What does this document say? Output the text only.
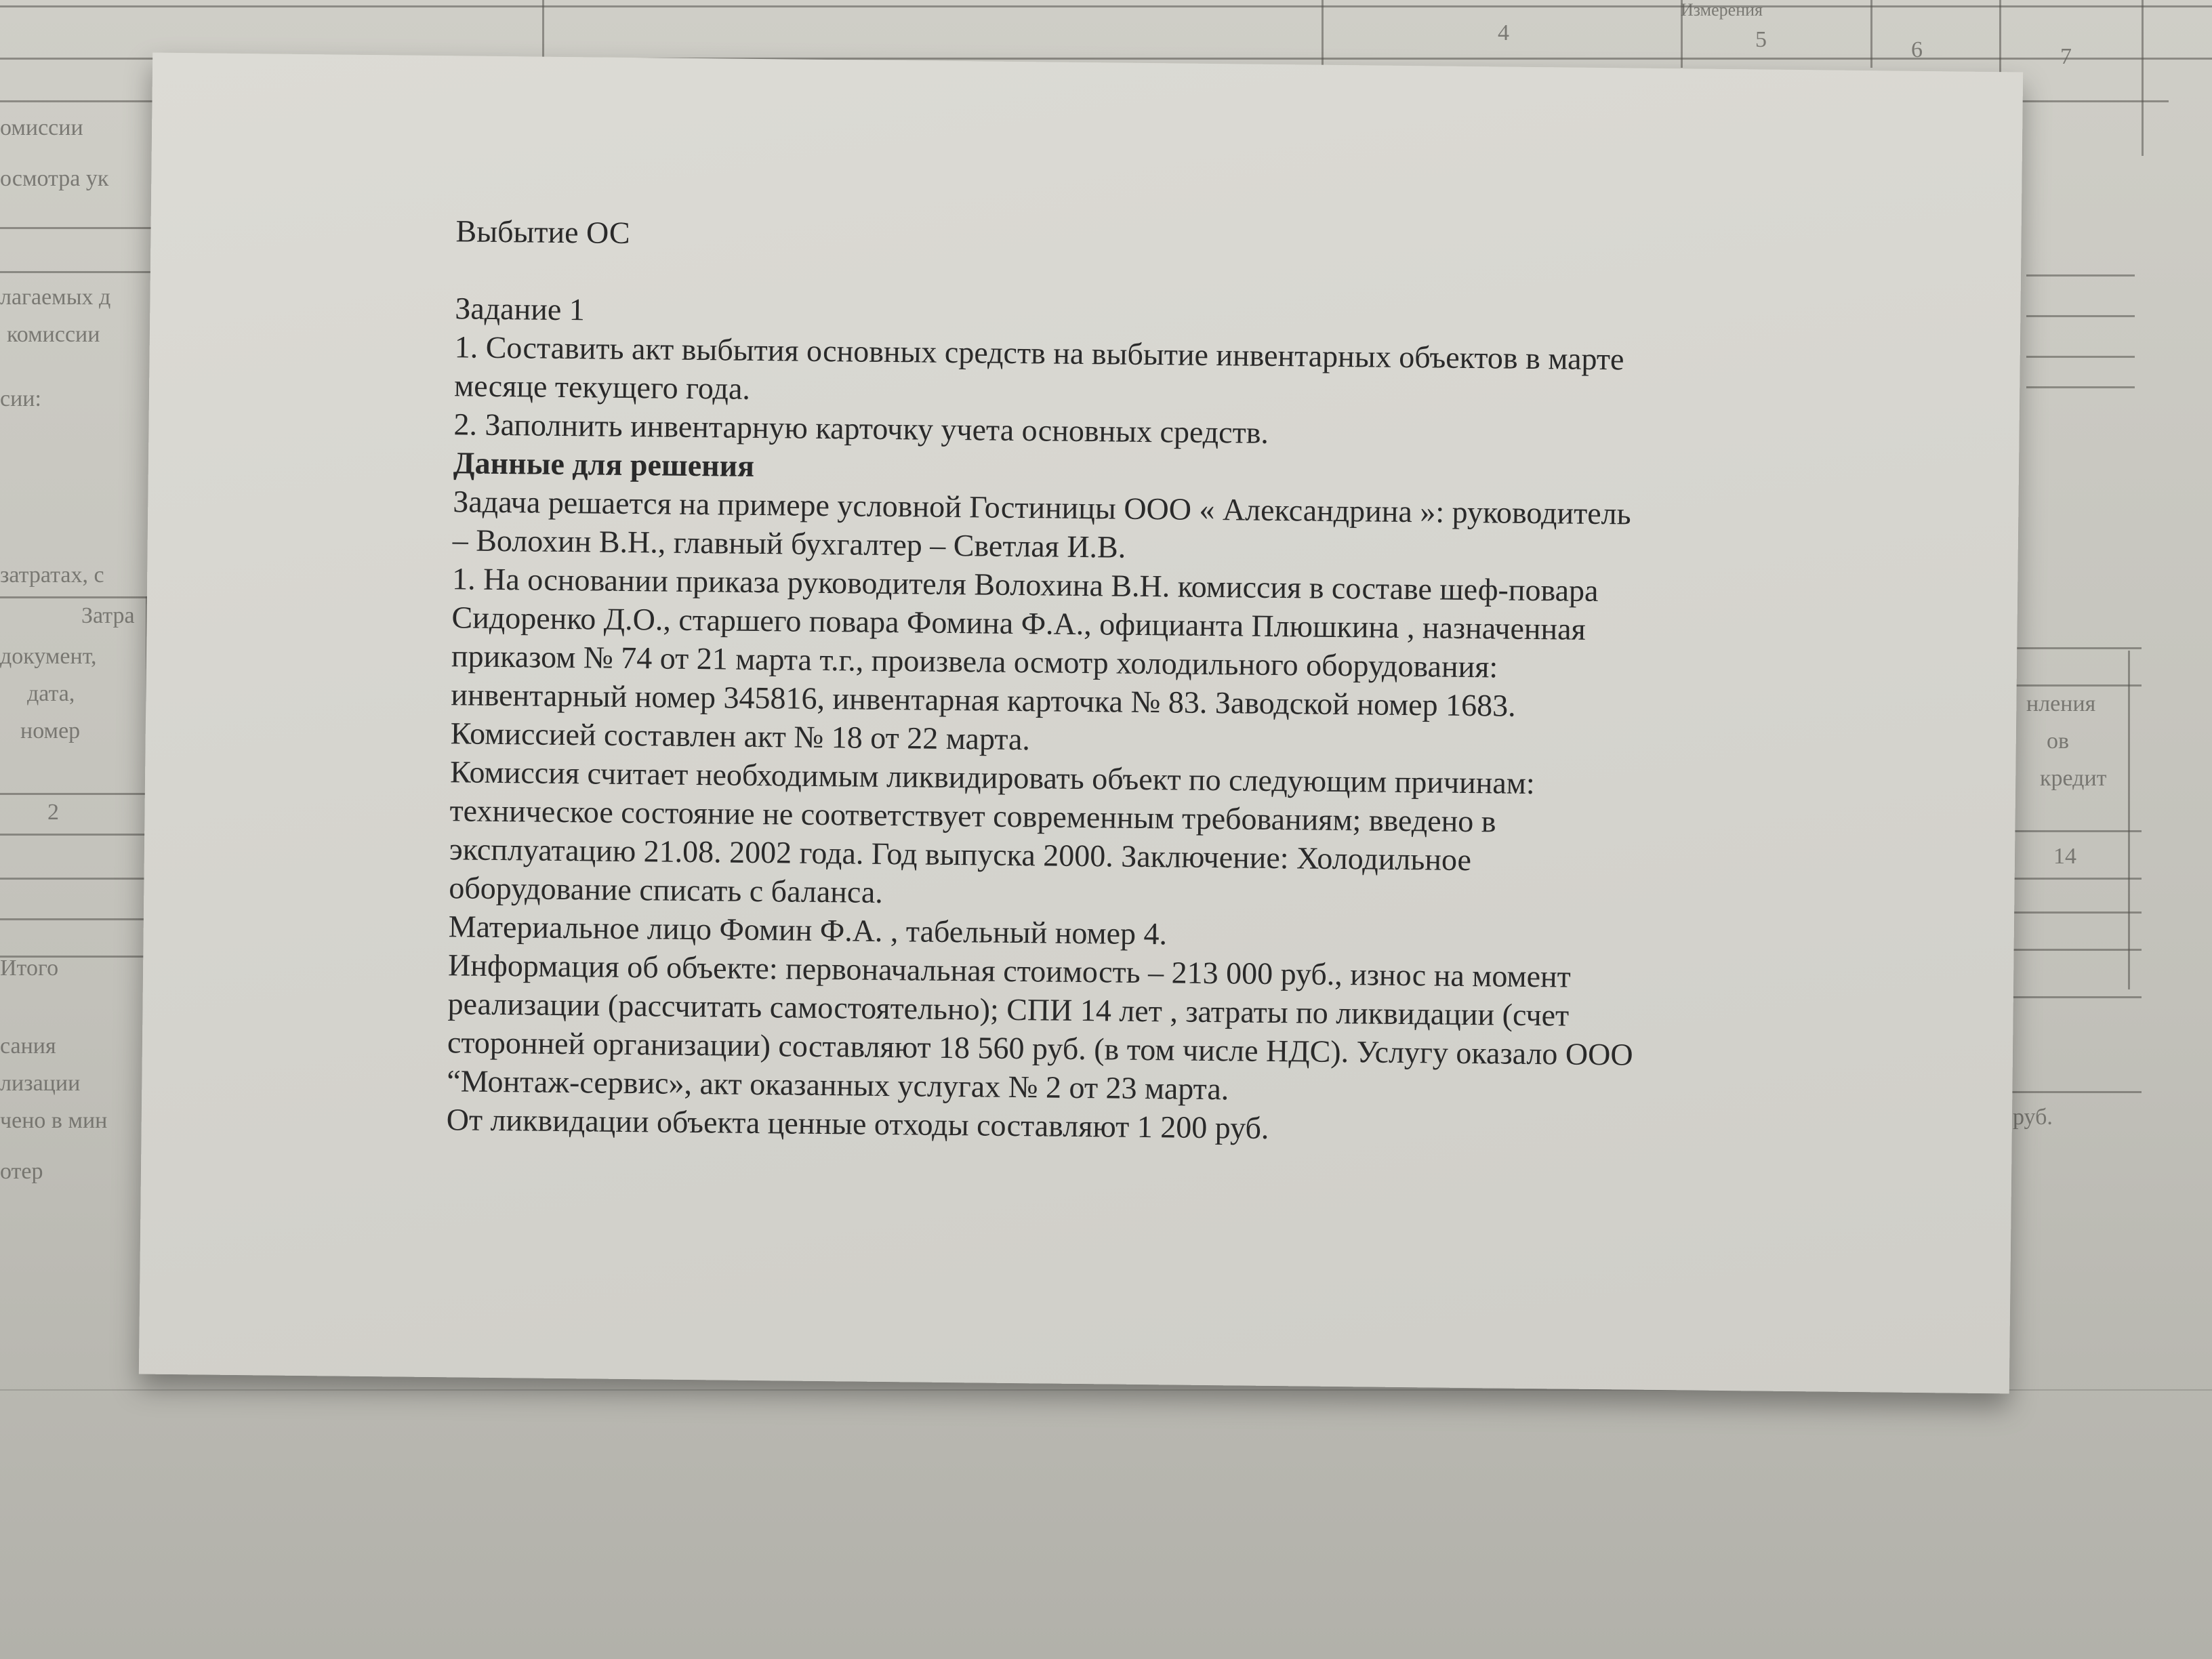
Измерения
4	5	6	7
омиссии
осмотра ук
лагаемых д
комиссии
сии:
затратах, с
Затра
документ,
дата,
номер
2
Итого
сания
лизации
чено в мин
отер
нления
ов
кредит
14
руб.

Выбытие ОС

Задание 1

1. Составить акт выбытия основных средств на выбытие инвентарных объектов в марте

месяце текущего года.

2. Заполнить инвентарную карточку учета основных средств.

Данные для решения

Задача решается на примере условной Гостиницы ООО « Александрина »: руководитель

– Волохин В.Н., главный бухгалтер – Светлая И.В.

1. На основании приказа руководителя Волохина В.Н. комиссия в составе шеф-повара

Сидоренко Д.О., старшего повара Фомина Ф.А., официанта Плюшкина , назначенная

приказом № 74 от 21 марта т.г., произвела осмотр холодильного оборудования:

инвентарный номер 345816, инвентарная карточка № 83. Заводской номер 1683.

Комиссией составлен акт № 18 от 22 марта.

Комиссия считает необходимым ликвидировать объект по следующим причинам:

техническое состояние не соответствует современным требованиям; введено в

эксплуатацию 21.08. 2002 года. Год выпуска 2000. Заключение: Холодильное

оборудование списать с баланса.

Материальное лицо Фомин Ф.А. , табельный номер 4.

Информация об объекте: первоначальная стоимость – 213 000 руб., износ на момент

реализации (рассчитать самостоятельно); СПИ 14 лет , затраты по ликвидации (счет

сторонней организации) составляют 18 560 руб. (в том числе НДС). Услугу оказало ООО

“Монтаж-сервис», акт оказанных услугах № 2 от 23 марта.

От ликвидации объекта ценные отходы составляют 1 200 руб.
